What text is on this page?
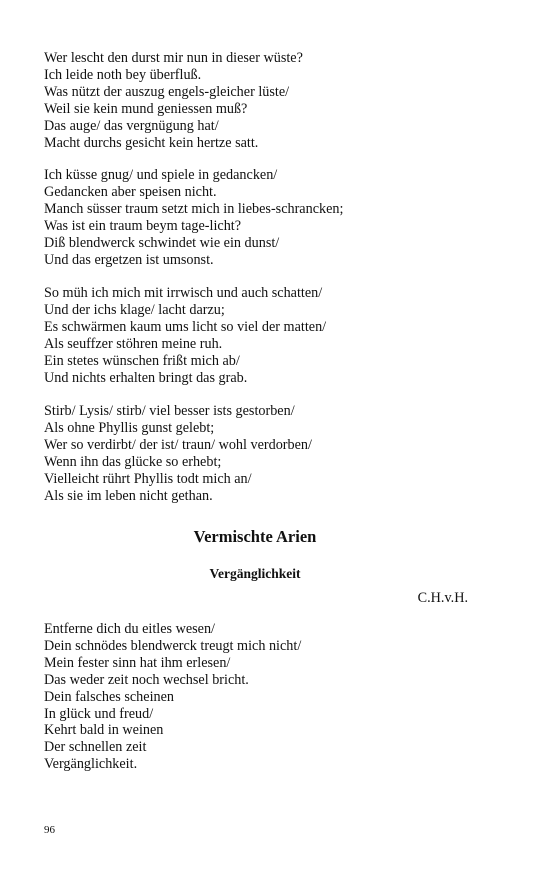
Wer lescht den durst mir nun in dieser wüste?
Ich leide noth bey überfluß.
Was nützt der auszug engels-gleicher lüste/
Weil sie kein mund geniessen muß?
Das auge/ das vergnügung hat/
Macht durchs gesicht kein hertze satt.
Ich küsse gnug/ und spiele in gedancken/
Gedancken aber speisen nicht.
Manch süsser traum setzt mich in liebes-schrancken;
Was ist ein traum beym tage-licht?
Diß blendwerck schwindet wie ein dunst/
Und das ergetzen ist umsonst.
So müh ich mich mit irrwisch und auch schatten/
Und der ichs klage/ lacht darzu;
Es schwärmen kaum ums licht so viel der matten/
Als seuffzer stöhren meine ruh.
Ein stetes wünschen frißt mich ab/
Und nichts erhalten bringt das grab.
Stirb/ Lysis/ stirb/ viel besser ists gestorben/
Als ohne Phyllis gunst gelebt;
Wer so verdirbt/ der ist/ traun/ wohl verdorben/
Wenn ihn das glücke so erhebt;
Vielleicht rührt Phyllis todt mich an/
Als sie im leben nicht gethan.
Vermischte Arien
Vergänglichkeit

C.H.v.H.

Entferne dich du eitles wesen/
Dein schnödes blendwerck treugt mich nicht/
Mein fester sinn hat ihm erlesen/
Das weder zeit noch wechsel bricht.
Dein falsches scheinen
In glück und freud/
Kehrt bald in weinen
Der schnellen zeit
Vergänglichkeit.

96
